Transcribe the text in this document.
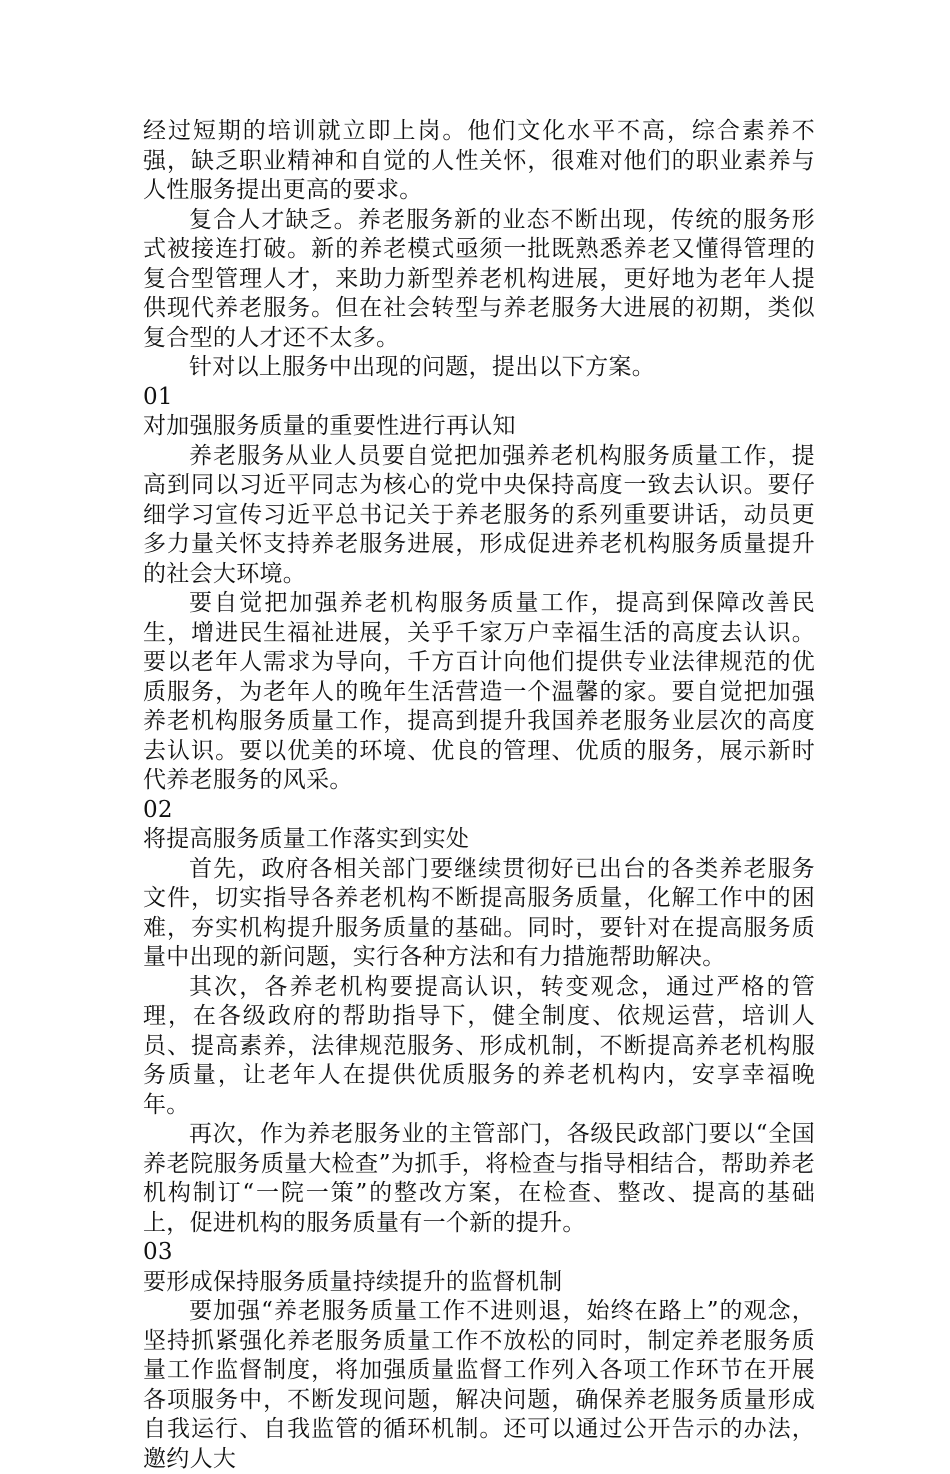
经过短期的培训就立即上岗。他们文化水平不高，综合素养不强，缺乏职业精神和自觉的人性关怀，很难对他们的职业素养与人性服务提出更高的要求。

复合人才缺乏。养老服务新的业态不断出现，传统的服务形式被接连打破。新的养老模式亟须一批既熟悉养老又懂得管理的复合型管理人才，来助力新型养老机构进展，更好地为老年人提供现代养老服务。但在社会转型与养老服务大进展的初期，类似复合型的人才还不太多。

针对以上服务中出现的问题，提出以下方案。

01

对加强服务质量的重要性进行再认知

养老服务从业人员要自觉把加强养老机构服务质量工作，提高到同以习近平同志为核心的党中央保持高度一致去认识。要仔细学习宣传习近平总书记关于养老服务的系列重要讲话，动员更多力量关怀支持养老服务进展，形成促进养老机构服务质量提升的社会大环境。

要自觉把加强养老机构服务质量工作，提高到保障改善民生，增进民生福祉进展，关乎千家万户幸福生活的高度去认识。要以老年人需求为导向，千方百计向他们提供专业法律规范的优质服务，为老年人的晚年生活营造一个温馨的家。要自觉把加强养老机构服务质量工作，提高到提升我国养老服务业层次的高度去认识。要以优美的环境、优良的管理、优质的服务，展示新时代养老服务的风采。

02

将提高服务质量工作落实到实处

首先，政府各相关部门要继续贯彻好已出台的各类养老服务文件，切实指导各养老机构不断提高服务质量，化解工作中的困难，夯实机构提升服务质量的基础。同时，要针对在提高服务质量中出现的新问题，实行各种方法和有力措施帮助解决。

其次，各养老机构要提高认识，转变观念，通过严格的管理，在各级政府的帮助指导下，健全制度、依规运营，培训人员、提高素养，法律规范服务、形成机制，不断提高养老机构服务质量，让老年人在提供优质服务的养老机构内，安享幸福晚年。

再次，作为养老服务业的主管部门，各级民政部门要以“全国养老院服务质量大检查”为抓手，将检查与指导相结合，帮助养老机构制订“一院一策”的整改方案，在检查、整改、提高的基础上，促进机构的服务质量有一个新的提升。

03

要形成保持服务质量持续提升的监督机制

要加强“养老服务质量工作不进则退，始终在路上”的观念，坚持抓紧强化养老服务质量工作不放松的同时，制定养老服务质量工作监督制度，将加强质量监督工作列入各项工作环节在开展各项服务中，不断发现问题，解决问题，确保养老服务质量形成自我运行、自我监管的循环机制。还可以通过公开告示的办法，邀约人大
